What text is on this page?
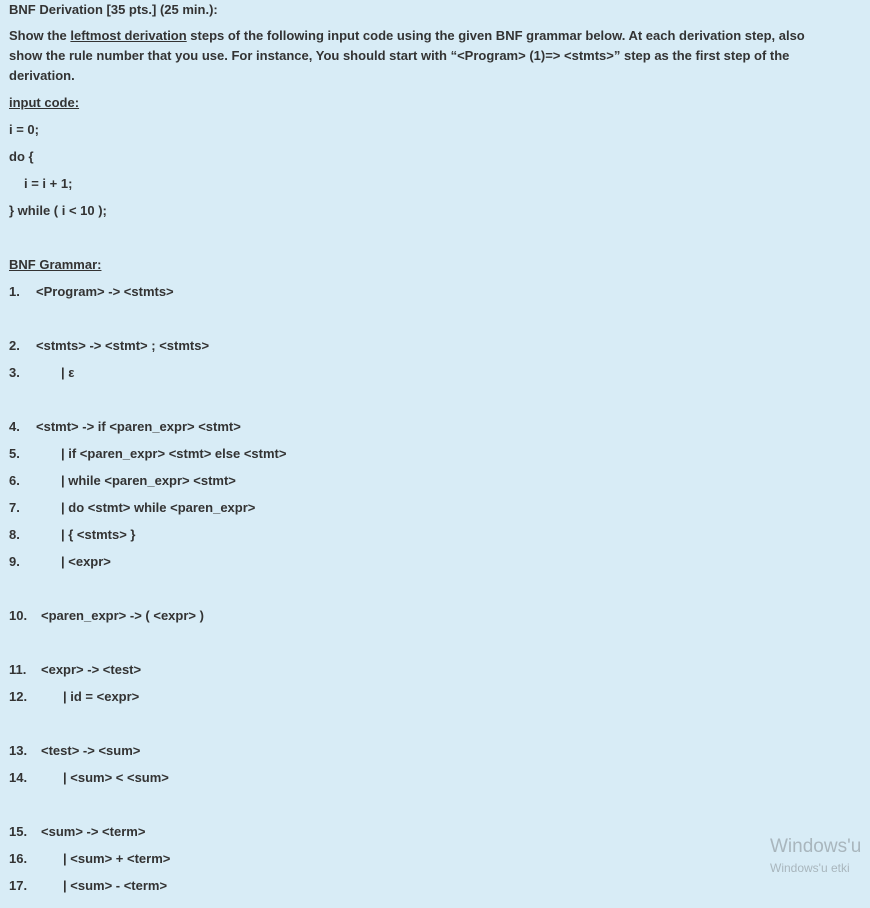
BNF Derivation [35 pts.] (25 min.):
Show the leftmost derivation steps of the following input code using the given BNF grammar below. At each derivation step, also
show the rule number that you use. For instance, You should start with “<Program> (1)=> <stmts>” step as the first step of the
derivation.
input code:
i = 0;
do {
i = i + 1;
} while ( i < 10 );
BNF Grammar:
1. <Program> -> <stmts>
2. <stmts> -> <stmt> ; <stmts>
3.	| ε
4. <stmt> -> if <paren_expr> <stmt>
5.	| if <paren_expr> <stmt> else <stmt>
6.	| while <paren_expr> <stmt>
7.	| do <stmt> while <paren_expr>
8.	| { <stmts> }
9.	| <expr>
10. <paren_expr> -> ( <expr> )
11. <expr> -> <test>
12.	| id = <expr>
13. <test> -> <sum>
14.	| <sum> < <sum>
15. <sum> -> <term>
16.	| <sum> + <term>
17.	| <sum> - <term>
Windows'u
Windows'u etki
